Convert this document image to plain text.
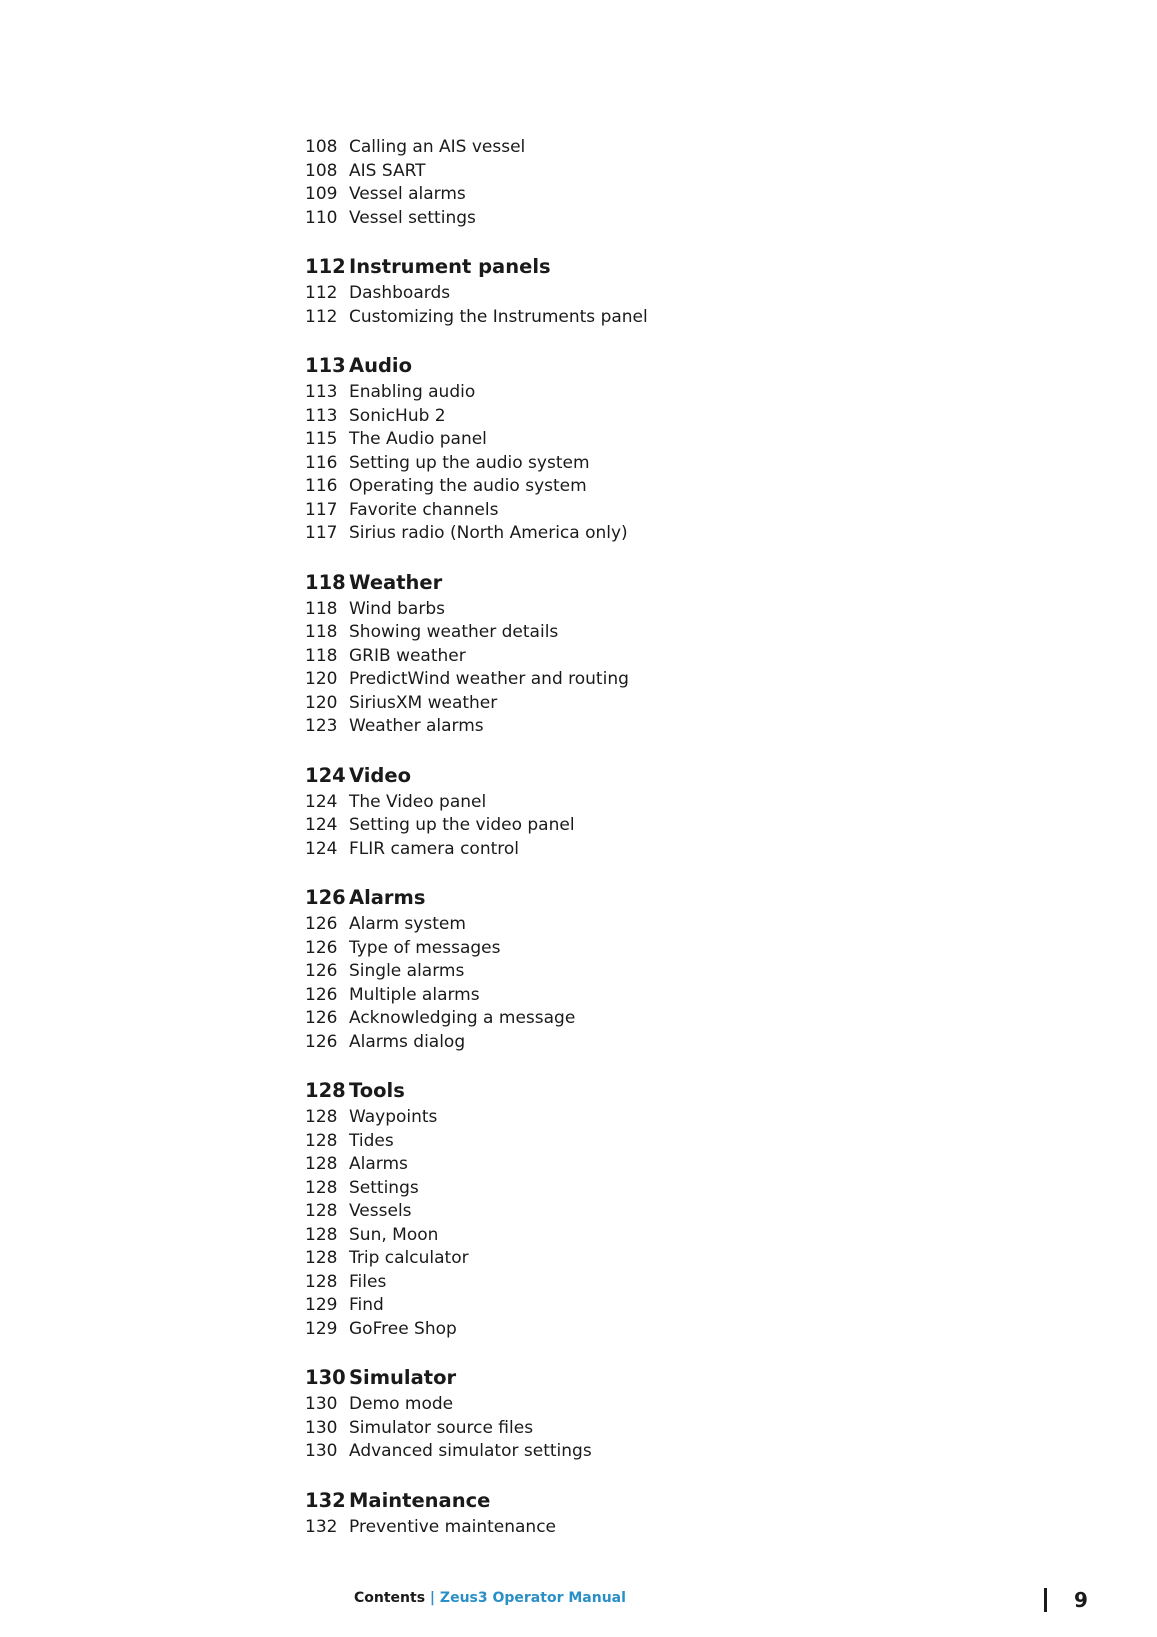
108 Calling an AIS vessel
108 AIS SART
109 Vessel alarms
110 Vessel settings
112 Instrument panels
112 Dashboards
112 Customizing the Instruments panel
113 Audio
113 Enabling audio
113 SonicHub 2
115 The Audio panel
116 Setting up the audio system
116 Operating the audio system
117 Favorite channels
117 Sirius radio (North America only)
118 Weather
118 Wind barbs
118 Showing weather details
118 GRIB weather
120 PredictWind weather and routing
120 SiriusXM weather
123 Weather alarms
124 Video
124 The Video panel
124 Setting up the video panel
124 FLIR camera control
126 Alarms
126 Alarm system
126 Type of messages
126 Single alarms
126 Multiple alarms
126 Acknowledging a message
126 Alarms dialog
128 Tools
128 Waypoints
128 Tides
128 Alarms
128 Settings
128 Vessels
128 Sun, Moon
128 Trip calculator
128 Files
129 Find
129 GoFree Shop
130 Simulator
130 Demo mode
130 Simulator source files
130 Advanced simulator settings
132 Maintenance
132 Preventive maintenance
Contents | Zeus3 Operator Manual	9
